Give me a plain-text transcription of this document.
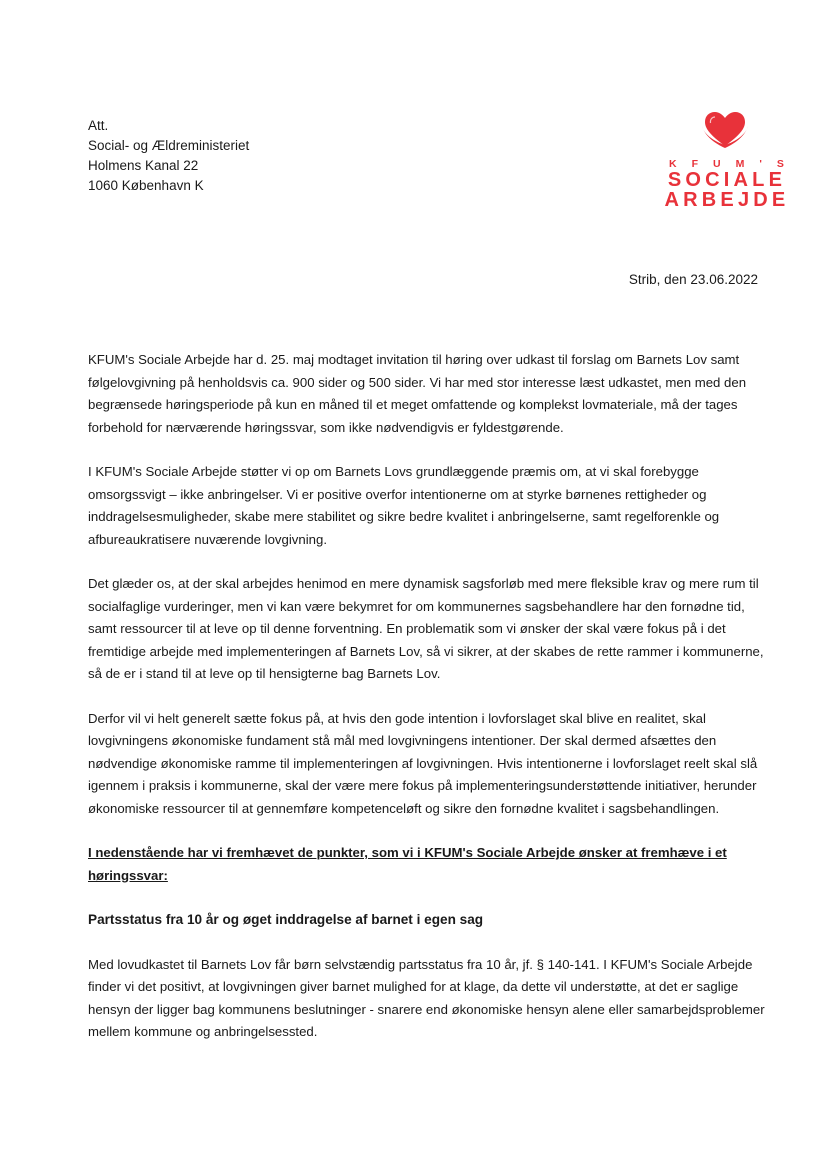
Att.
Social- og Ældreministeriet
Holmens Kanal 22
1060 København K
KFUM'S
SOCIALE
ARBEJDE
Strib, den 23.06.2022

KFUM's Sociale Arbejde har d. 25. maj modtaget invitation til høring over udkast til forslag om Barnets Lov samt følgelovgivning på henholdsvis ca. 900 sider og 500 sider. Vi har med stor interesse læst udkastet, men med den begrænsede høringsperiode på kun en måned til et meget omfattende og komplekst lovmateriale, må der tages forbehold for nærværende høringssvar, som ikke nødvendigvis er fyldestgørende.

I KFUM's Sociale Arbejde støtter vi op om Barnets Lovs grundlæggende præmis om, at vi skal forebygge omsorgssvigt – ikke anbringelser. Vi er positive overfor intentionerne om at styrke børnenes rettigheder og inddragelsesmuligheder, skabe mere stabilitet og sikre bedre kvalitet i anbringelserne, samt regelforenkle og afbureaukratisere nuværende lovgivning.

Det glæder os, at der skal arbejdes henimod en mere dynamisk sagsforløb med mere fleksible krav og mere rum til socialfaglige vurderinger, men vi kan være bekymret for om kommunernes sagsbehandlere har den fornødne tid, samt ressourcer til at leve op til denne forventning. En problematik som vi ønsker der skal være fokus på i det fremtidige arbejde med implementeringen af Barnets Lov, så vi sikrer, at der skabes de rette rammer i kommunerne, så de er i stand til at leve op til hensigterne bag Barnets Lov.

Derfor vil vi helt generelt sætte fokus på, at hvis den gode intention i lovforslaget skal blive en realitet, skal lovgivningens økonomiske fundament stå mål med lovgivningens intentioner. Der skal dermed afsættes den nødvendige økonomiske ramme til implementeringen af lovgivningen. Hvis intentionerne i lovforslaget reelt skal slå igennem i praksis i kommunerne, skal der være mere fokus på implementeringsunderstøttende initiativer, herunder økonomiske ressourcer til at gennemføre kompetenceløft og sikre den fornødne kvalitet i sagsbehandlingen.

I nedenstående har vi fremhævet de punkter, som vi i KFUM's Sociale Arbejde ønsker at fremhæve i et høringssvar:

Partsstatus fra 10 år og øget inddragelse af barnet i egen sag

Med lovudkastet til Barnets Lov får børn selvstændig partsstatus fra 10 år, jf. § 140-141. I KFUM's Sociale Arbejde finder vi det positivt, at lovgivningen giver barnet mulighed for at klage, da dette vil understøtte, at det er saglige hensyn der ligger bag kommunens beslutninger - snarere end økonomiske hensyn alene eller samarbejdsproblemer mellem kommune og anbringelsessted.
